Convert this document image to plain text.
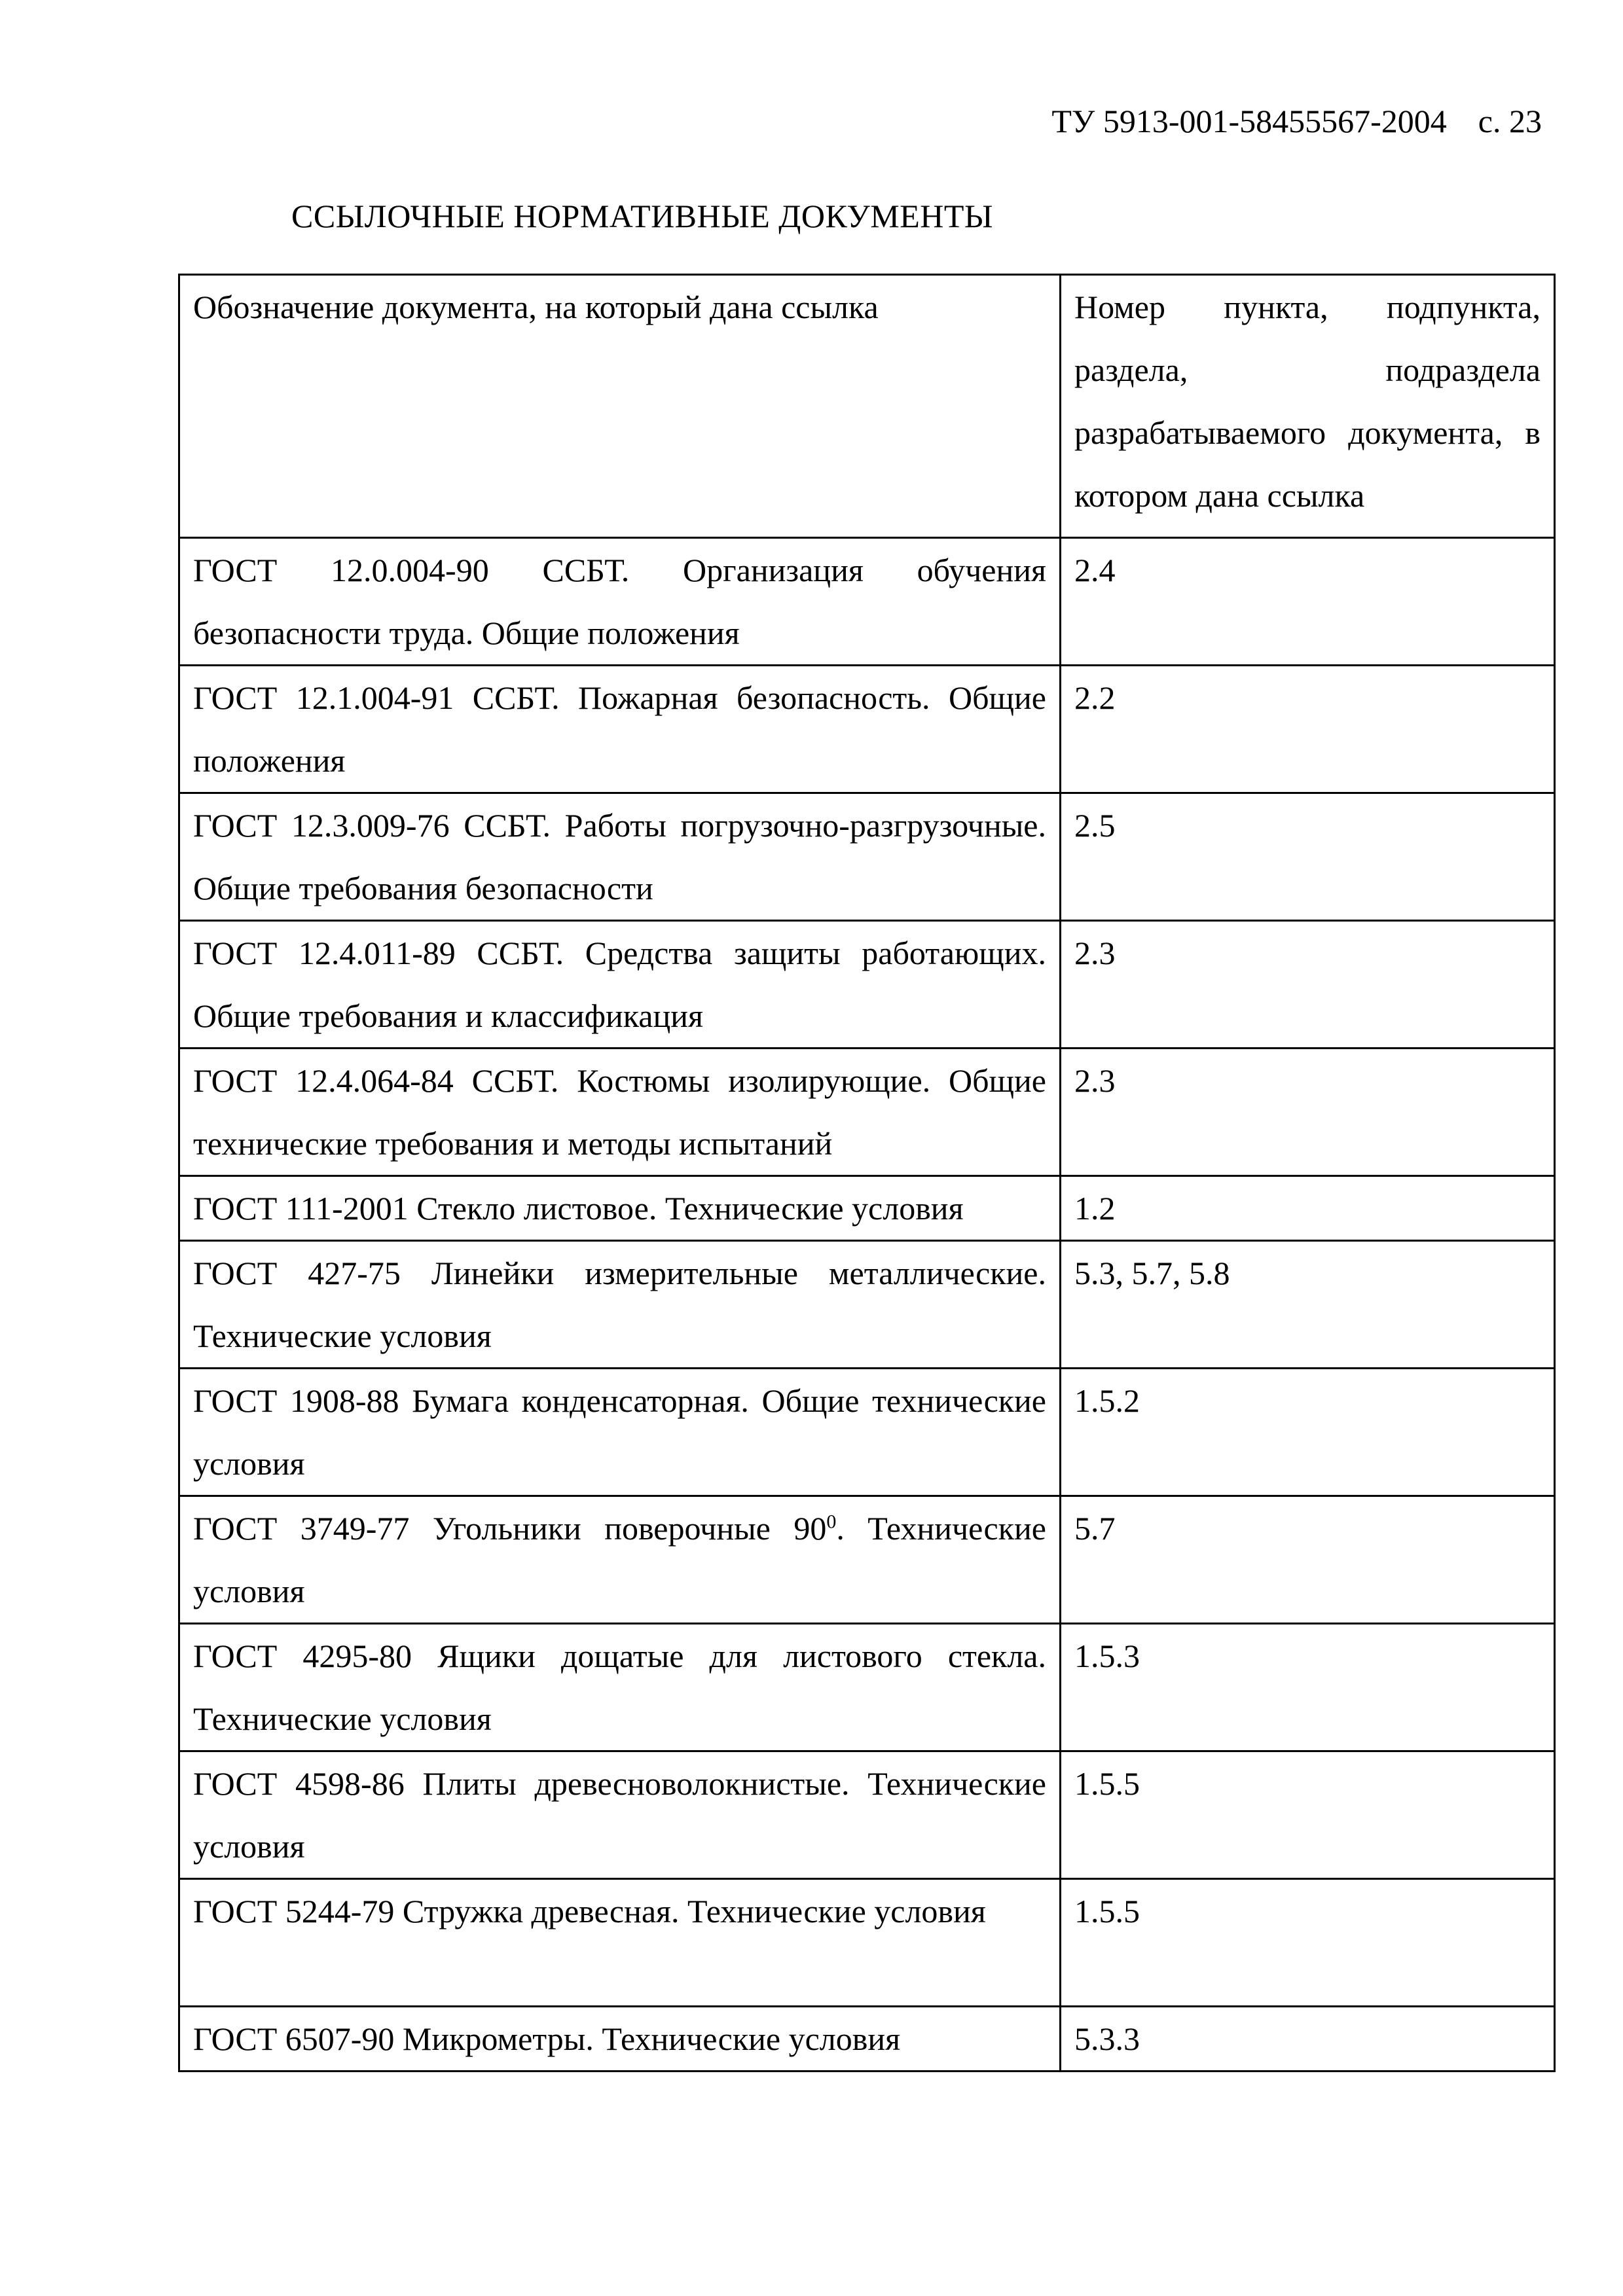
ТУ 5913-001-58455567-2004 с. 23
ССЫЛОЧНЫЕ НОРМАТИВНЫЕ ДОКУМЕНТЫ
Обозначение документа, на который дана ссылка	Номер пункта, подпункта, раздела, подраздела разрабатываемого документа, в котором дана ссылка
ГОСТ 12.0.004-90 ССБТ. Организация обучения безопасности труда. Общие положения	2.4
ГОСТ 12.1.004-91 ССБТ. Пожарная безопасность. Общие положения	2.2
ГОСТ 12.3.009-76 ССБТ. Работы погрузочно-разгрузочные. Общие требования безопасности	2.5
ГОСТ 12.4.011-89 ССБТ. Средства защиты работающих. Общие требования и классификация	2.3
ГОСТ 12.4.064-84 ССБТ. Костюмы изолирующие. Общие технические требования и методы испытаний	2.3
ГОСТ 111-2001 Стекло листовое. Технические условия	1.2
ГОСТ 427-75 Линейки измерительные металлические. Технические условия	5.3, 5.7, 5.8
ГОСТ 1908-88 Бумага конденсаторная. Общие технические условия	1.5.2
ГОСТ 3749-77 Угольники поверочные $90^0$. Технические условия	5.7
ГОСТ 4295-80 Ящики дощатые для листового стекла. Технические условия	1.5.3
ГОСТ 4598-86 Плиты древесноволокнистые. Технические условия	1.5.5
ГОСТ 5244-79 Стружка древесная. Технические условия	1.5.5
ГОСТ 6507-90 Микрометры. Технические условия	5.3.3
